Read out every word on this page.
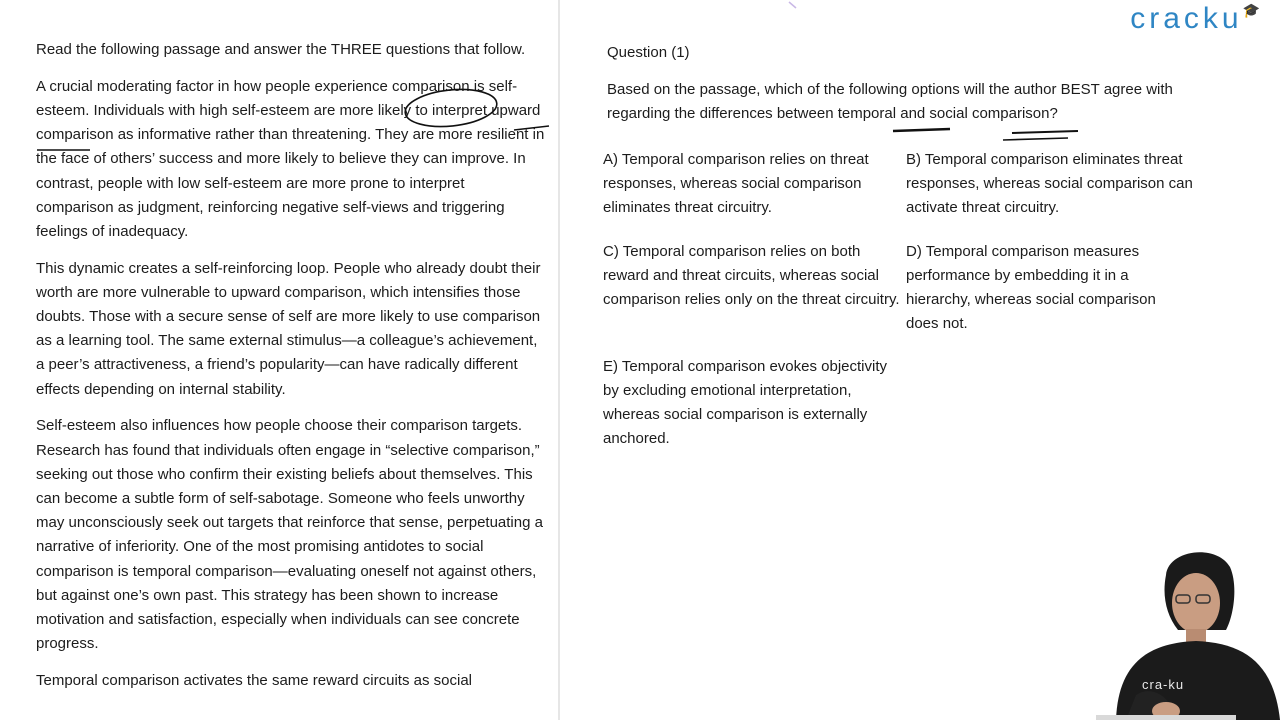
Read the following passage and answer the THREE questions that follow.

A crucial moderating factor in how people experience comparison is self-esteem. Individuals with high self-esteem are more likely to interpret upward comparison as informative rather than threatening. They are more resilient in the face of others’ success and more likely to believe they can improve. In contrast, people with low self-esteem are more prone to interpret comparison as judgment, reinforcing negative self-views and triggering feelings of inadequacy.

This dynamic creates a self-reinforcing loop. People who already doubt their worth are more vulnerable to upward comparison, which intensifies those doubts. Those with a secure sense of self are more likely to use comparison as a learning tool. The same external stimulus—a colleague’s achievement, a peer’s attractiveness, a friend’s popularity—can have radically different effects depending on internal stability.

Self-esteem also influences how people choose their comparison targets. Research has found that individuals often engage in “selective comparison,” seeking out those who confirm their existing beliefs about themselves. This can become a subtle form of self-sabotage. Someone who feels unworthy may unconsciously seek out targets that reinforce that sense, perpetuating a narrative of inferiority. One of the most promising antidotes to social comparison is temporal comparison—evaluating oneself not against others, but against one’s own past. This strategy has been shown to increase motivation and satisfaction, especially when individuals can see concrete progress.

Temporal comparison activates the same reward circuits as social

Question (1)
Based on the passage, which of the following options will the author BEST agree with regarding the differences between temporal and social comparison?
A) Temporal comparison relies on threat responses, whereas social comparison eliminates threat circuitry.
B) Temporal comparison eliminates threat responses, whereas social comparison can activate threat circuitry.
C) Temporal comparison relies on both reward and threat circuits, whereas social comparison relies only on the threat circuitry.
D) Temporal comparison measures performance by embedding it in a hierarchy, whereas social comparison does not.
E) Temporal comparison evokes objectivity by excluding emotional interpretation, whereas social comparison is externally anchored.
cracku🎓
cra-ku
